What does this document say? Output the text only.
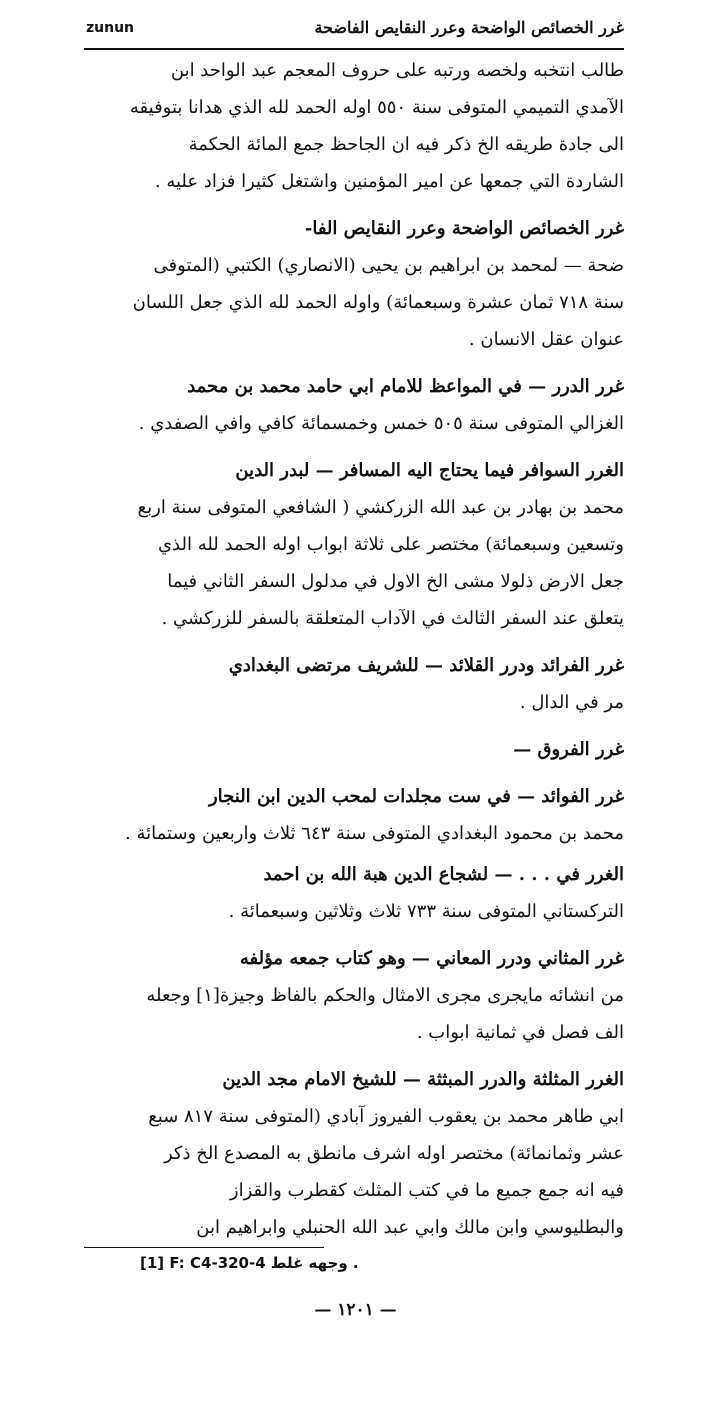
غرر الخصائص الواضحة وعرر النقايص الفاضحة
zunun
طالب انتخبه ولخصه ورتبه على حروف المعجم عبد الواحد ابن
الآمدي التميمي المتوفى سنة ٥٥٠ اوله الحمد لله الذي هدانا بتوفيقه
الى جادة طريقه الخ ذكر فيه ان الجاحظ جمع المائة الحكمة
الشاردة التي جمعها عن امير المؤمنين واشتغل كثيرا فزاد عليه .
غرر الخصائص الواضحة وعرر النقايص الفا-
ضحة — لمحمد بن ابراهيم بن يحيى (الانصاري) الكتبي (المتوفى
سنة ٧١٨ ثمان عشرة وسبعمائة) واوله الحمد لله الذي جعل اللسان
عنوان عقل الانسان .
غرر الدرر — في المواعظ للامام ابي حامد محمد بن محمد
الغزالي المتوفى سنة ٥٠٥ خمس وخمسمائة كافي وافي الصفدي .
الغرر السوافر فيما يحتاج اليه المسافر — لبدر الدين
محمد بن بهادر بن عبد الله الزركشي ( الشافعي المتوفى سنة اربع
وتسعين وسبعمائة) مختصر على ثلاثة ابواب اوله الحمد لله الذي
جعل الارض ذلولا مشى الخ الاول في مدلول السفر الثاني فيما
يتعلق عند السفر الثالث في الآداب المتعلقة بالسفر للزركشي .
غرر الفرائد ودرر القلائد — للشريف مرتضى البغدادي
مر في الدال .
غرر الفروق —
غرر الفوائد — في ست مجلدات لمحب الدين ابن النجار
محمد بن محمود البغدادي المتوفى سنة ٦٤٣ ثلاث واربعين وستمائة .
الغرر في . . . — لشجاع الدين هبة الله بن احمد
التركستاني المتوفى سنة ٧٣٣ ثلاث وثلاثين وسبعمائة .
غرر المثاني ودرر المعاني — وهو كتاب جمعه مؤلفه
من انشائه مايجرى مجرى الامثال والحكم بالفاظ وجيزة[١] وجعله
الف فصل في ثمانية ابواب .
الغرر المثلثة والدرر المبثثة — للشيخ الامام مجد الدين
ابي طاهر محمد بن يعقوب الفيروز آبادي (المتوفى سنة ٨١٧ سبع
عشر وثمانمائة) مختصر اوله اشرف مانطق به المصدع الخ ذكر
فيه انه جمع جميع ما في كتب المثلث كقطرب والقزاز
والبطليوسي وابن مالك وابي عبد الله الحنبلي وابراهيم ابن
[1] F: C4-320-4 وجهه غلط .
— ١٢٠١ —
